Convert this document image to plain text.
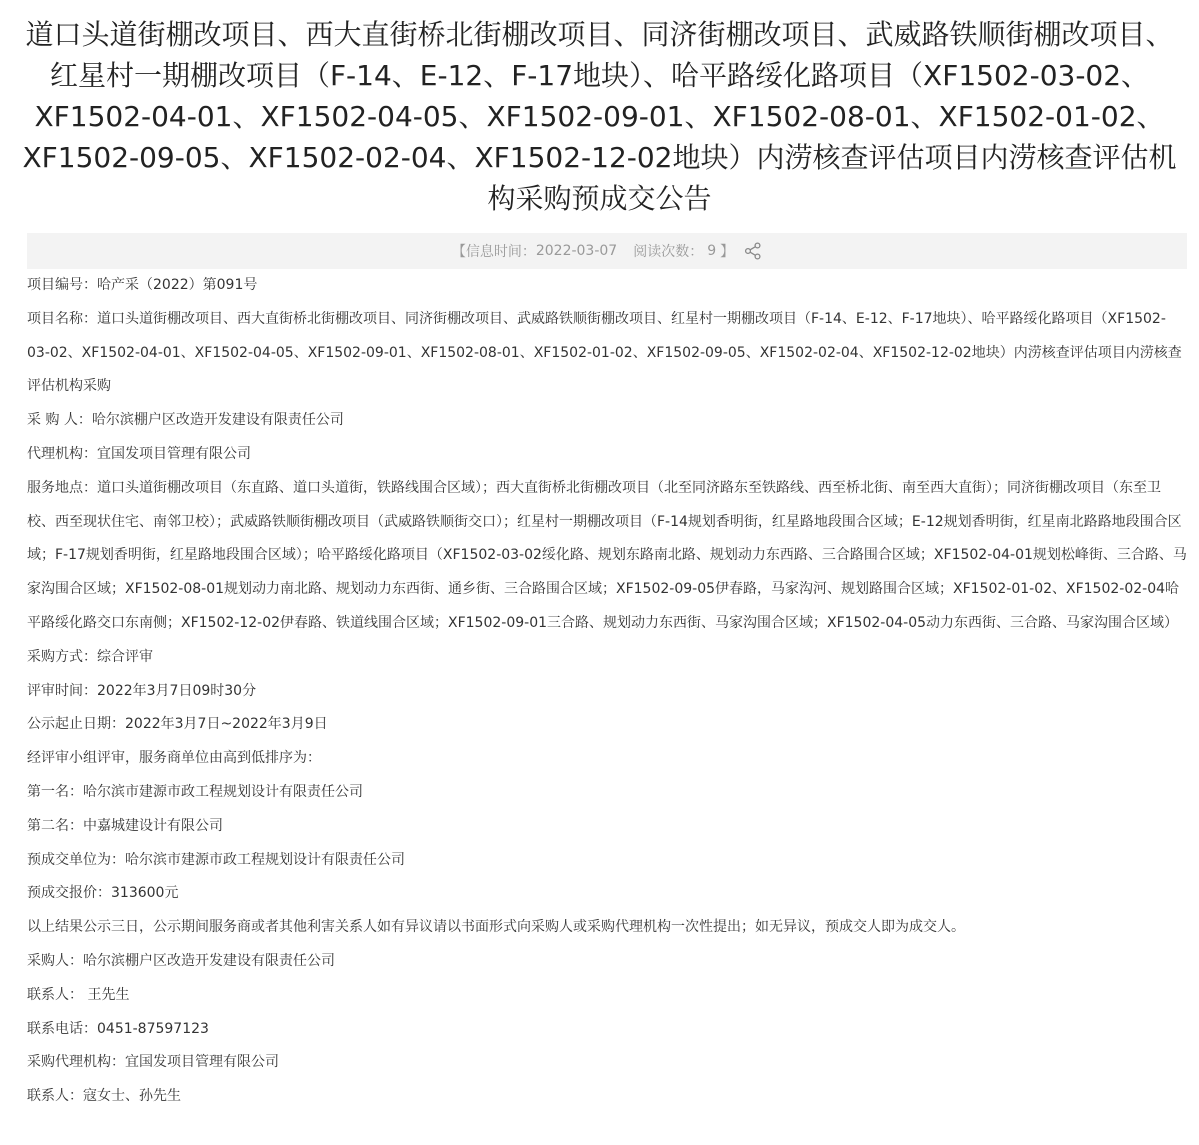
道口头道街棚改项目、西大直街桥北街棚改项目、同济街棚改项目、武威路铁顺街棚改项目、红星村一期棚改项目（F-14、E-12、F-17地块）、哈平路绥化路项目（XF1502-03-02、XF1502-04-01、XF1502-04-05、XF1502-09-01、XF1502-08-01、XF1502-01-02、XF1502-09-05、XF1502-02-04、XF1502-12-02地块）内涝核查评估项目内涝核查评估机构采购预成交公告
【信息时间： 2022-03-07 阅读次数： 9 】

项目编号：哈产采（2022）第091号

项目名称：道口头道街棚改项目、西大直街桥北街棚改项目、同济街棚改项目、武威路铁顺街棚改项目、红星村一期棚改项目（F-14、E-12、F-17地块）、哈平路绥化路项目（XF1502-03-02、XF1502-04-01、XF1502-04-05、XF1502-09-01、XF1502-08-01、XF1502-01-02、XF1502-09-05、XF1502-02-04、XF1502-12-02地块）内涝核查评估项目内涝核查评估机构采购

采 购 人：哈尔滨棚户区改造开发建设有限责任公司

代理机构：宜国发项目管理有限公司

服务地点：道口头道街棚改项目（东直路、道口头道街，铁路线围合区域）；西大直街桥北街棚改项目（北至同济路东至铁路线、西至桥北街、南至西大直街）；同济街棚改项目（东至卫校、西至现状住宅、南邻卫校）；武威路铁顺街棚改项目（武威路铁顺街交口）；红星村一期棚改项目（F-14规划香明街，红星路地段围合区域；E-12规划香明街，红星南北路路地段围合区域；F-17规划香明街，红星路地段围合区域）；哈平路绥化路项目（XF1502-03-02绥化路、规划东路南北路、规划动力东西路、三合路围合区域；XF1502-04-01规划松峰街、三合路、马家沟围合区域；XF1502-08-01规划动力南北路、规划动力东西街、通乡街、三合路围合区域；XF1502-09-05伊春路，马家沟河、规划路围合区域；XF1502-01-02、XF1502-02-04哈平路绥化路交口东南侧；XF1502-12-02伊春路、铁道线围合区域；XF1502-09-01三合路、规划动力东西街、马家沟围合区域；XF1502-04-05动力东西街、三合路、马家沟围合区域）

采购方式：综合评审

评审时间：2022年3月7日09时30分

公示起止日期：2022年3月7日~2022年3月9日

经评审小组评审，服务商单位由高到低排序为：

第一名：哈尔滨市建源市政工程规划设计有限责任公司

第二名：中嘉城建设计有限公司

预成交单位为：哈尔滨市建源市政工程规划设计有限责任公司

预成交报价：313600元

以上结果公示三日，公示期间服务商或者其他利害关系人如有异议请以书面形式向采购人或采购代理机构一次性提出；如无异议，预成交人即为成交人。

采购人：哈尔滨棚户区改造开发建设有限责任公司

联系人： 王先生

联系电话：0451-87597123

采购代理机构：宜国发项目管理有限公司

联系人：寇女士、孙先生
